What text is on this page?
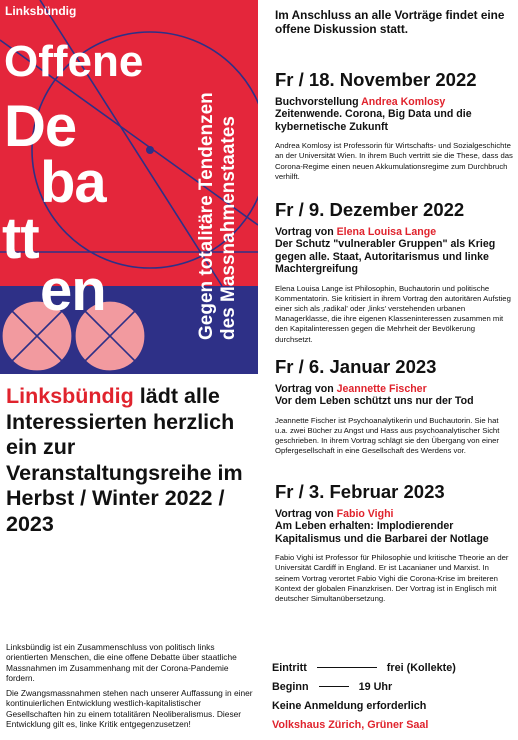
Linksbündig
Offene
De
ba
tt
en	Gegen totalitäre Tendenzen des Massnahmenstaates
Linksbündig lädt alle Interessierten herzlich ein zur Veranstaltungsreihe im Herbst / Winter 2022 / 2023
Linksbündig ist ein Zusammenschluss von politisch links orientierten Menschen, die eine offene Debatte über staatliche Massnahmen im Zusammenhang mit der Corona-Pandemie fordern.
Die Zwangsmassnahmen stehen nach unserer Auffassung in einer kontinuierlichen Entwicklung westlich-kapitalistischer Gesellschaften hin zu einem totalitären Neoliberalismus. Dieser Entwicklung gilt es, linke Kritik entgegenzusetzen!
Im Anschluss an alle Vorträge findet eine offene Diskussion statt.
Fr / 18. November 2022
Buchvorstellung Andrea Komlosy
Zeitenwende. Corona, Big Data und die kybernetische Zukunft
Andrea Komlosy ist Professorin für Wirtschafts- und Sozialgeschichte an der Universität Wien. In ihrem Buch vertritt sie die These, dass das Corona-Regime einen neuen Akkumulationsregime zum Durchbruch verhilft.
Fr / 9. Dezember 2022
Vortrag von Elena Louisa Lange
Der Schutz "vulnerabler Gruppen" als Krieg gegen alle. Staat, Autoritarismus und linke Machtergreifung
Elena Louisa Lange ist Philosophin, Buchautorin und politische Kommentatorin. Sie kritisiert in ihrem Vortrag den autoritären Aufstieg einer sich als ‚radikal' oder ‚links' verstehenden urbanen Managerklasse, die ihre eigenen Klasseninteressen zusammen mit den Kapitalinteressen gegen die Mehrheit der Bevölkerung durchsetzt.
Fr / 6. Januar 2023
Vortrag von Jeannette Fischer
Vor dem Leben schützt uns nur der Tod
Jeannette Fischer ist Psychoanalytikerin und Buchautorin. Sie hat u.a. zwei Bücher zu Angst und Hass aus psychoanalytischer Sicht geschrieben. In ihrem Vortrag schlägt sie den Übergang von einer Opfergesellschaft in eine Gesellschaft des Werdens vor.
Fr / 3. Februar 2023
Vortrag von Fabio Vighi
Am Leben erhalten: Implodierender Kapitalismus und die Barbarei der Notlage
Fabio Vighi ist Professor für Philosophie und kritische Theorie an der Universität Cardiff in England. Er ist Lacanianer und Marxist. In seinem Vortrag verortet Fabio Vighi die Corona-Krise im breiteren Kontext der globalen Finanzkrisen. Der Vortrag ist in Englisch mit deutscher Simultanübersetzung.
Eintritt	frei (Kollekte)
Beginn	19 Uhr
Keine Anmeldung erforderlich
Volkshaus Zürich, Grüner Saal
